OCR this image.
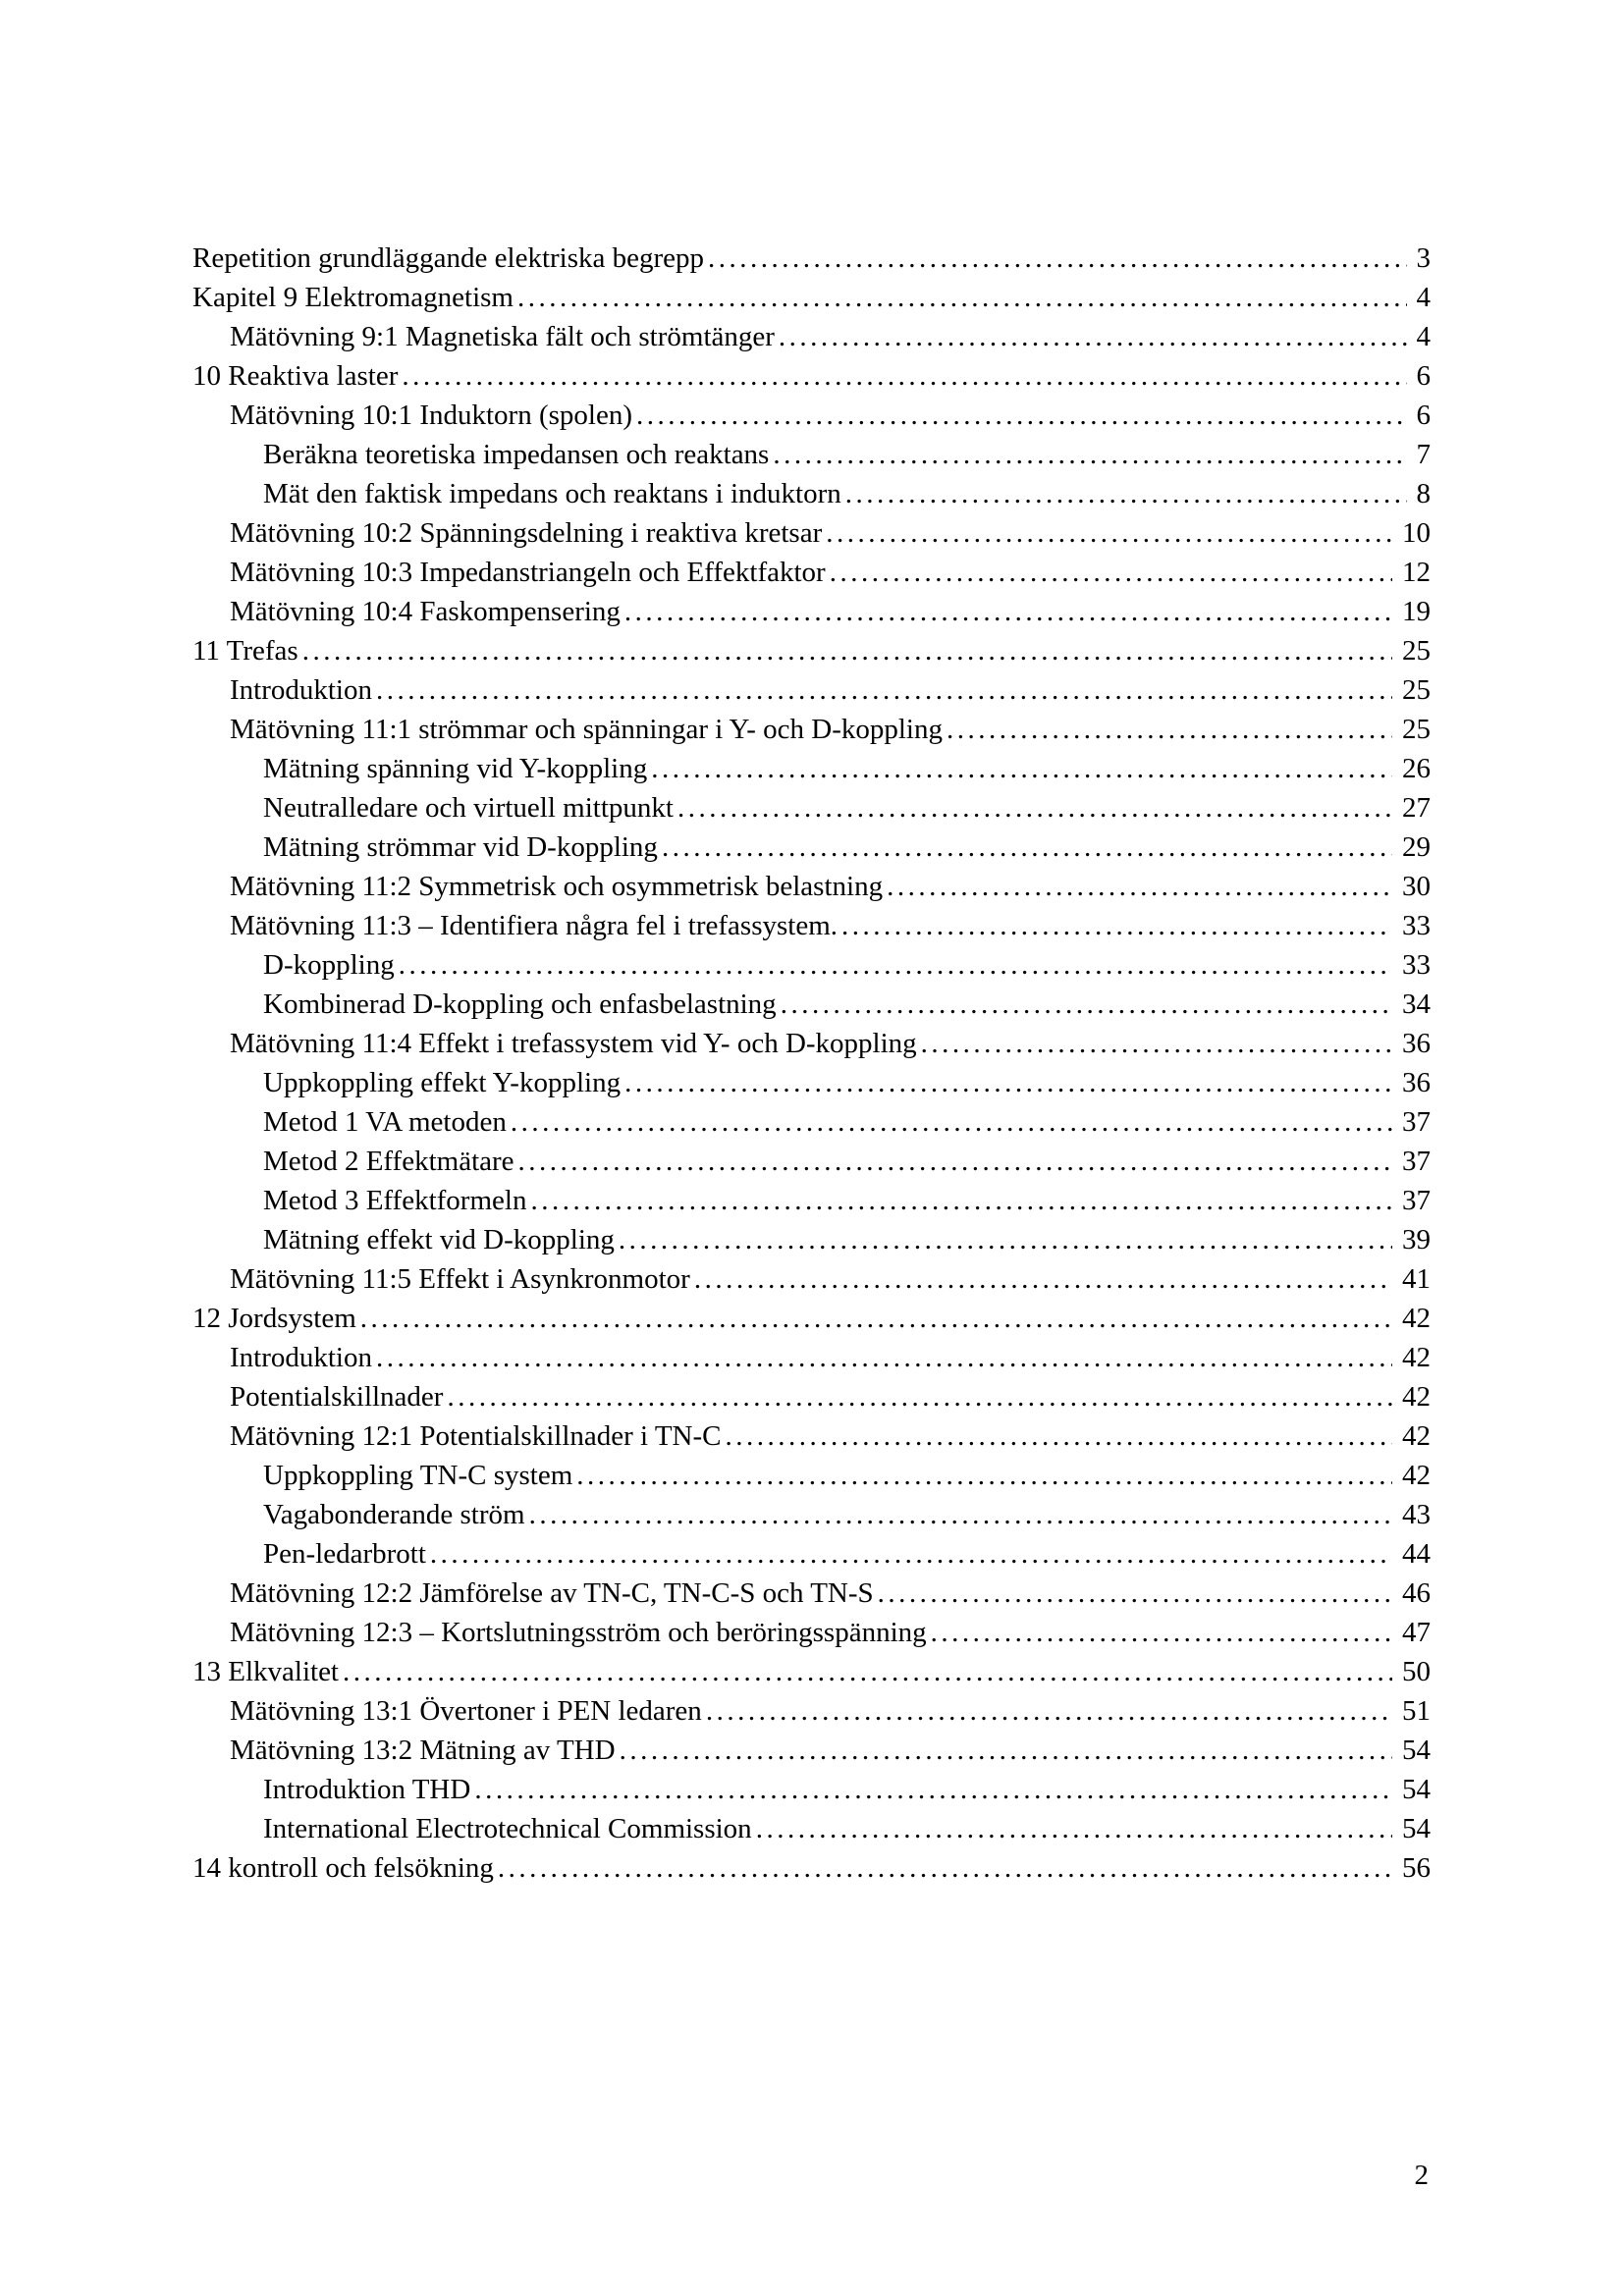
Repetition grundläggande elektriska begrepp .....	3
Kapitel 9 Elektromagnetism .....	4
Mätövning 9:1 Magnetiska fält och strömtänger .....	4
10 Reaktiva laster .....	6
Mätövning 10:1 Induktorn (spolen) .....	6
Beräkna teoretiska impedansen och reaktans .....	7
Mät den faktisk impedans och reaktans i induktorn .....	8
Mätövning 10:2 Spänningsdelning i reaktiva kretsar .....	10
Mätövning 10:3 Impedanstriangeln och Effektfaktor .....	12
Mätövning 10:4 Faskompensering .....	19
11 Trefas .....	25
Introduktion .....	25
Mätövning 11:1 strömmar och spänningar i Y- och D-koppling .....	25
Mätning spänning vid Y-koppling .....	26
Neutralledare och virtuell mittpunkt .....	27
Mätning strömmar vid D-koppling .....	29
Mätövning 11:2 Symmetrisk och osymmetrisk belastning .....	30
Mätövning 11:3 – Identifiera några fel i trefassystem. .....	33
D-koppling .....	33
Kombinerad D-koppling och enfasbelastning .....	34
Mätövning 11:4 Effekt i trefassystem vid Y- och D-koppling .....	36
Uppkoppling effekt Y-koppling .....	36
Metod 1 VA metoden .....	37
Metod 2 Effektmätare .....	37
Metod 3 Effektformeln .....	37
Mätning effekt vid D-koppling .....	39
Mätövning 11:5 Effekt i Asynkronmotor .....	41
12 Jordsystem .....	42
Introduktion .....	42
Potentialskillnader .....	42
Mätövning 12:1 Potentialskillnader i TN-C .....	42
Uppkoppling TN-C system .....	42
Vagabonderande ström .....	43
Pen-ledarbrott .....	44
Mätövning 12:2 Jämförelse av TN-C, TN-C-S och TN-S .....	46
Mätövning 12:3 – Kortslutningsström och beröringsspänning .....	47
13 Elkvalitet .....	50
Mätövning 13:1 Övertoner i PEN ledaren .....	51
Mätövning 13:2 Mätning av THD .....	54
Introduktion THD .....	54
International Electrotechnical Commission .....	54
14 kontroll och felsökning .....	56
2
